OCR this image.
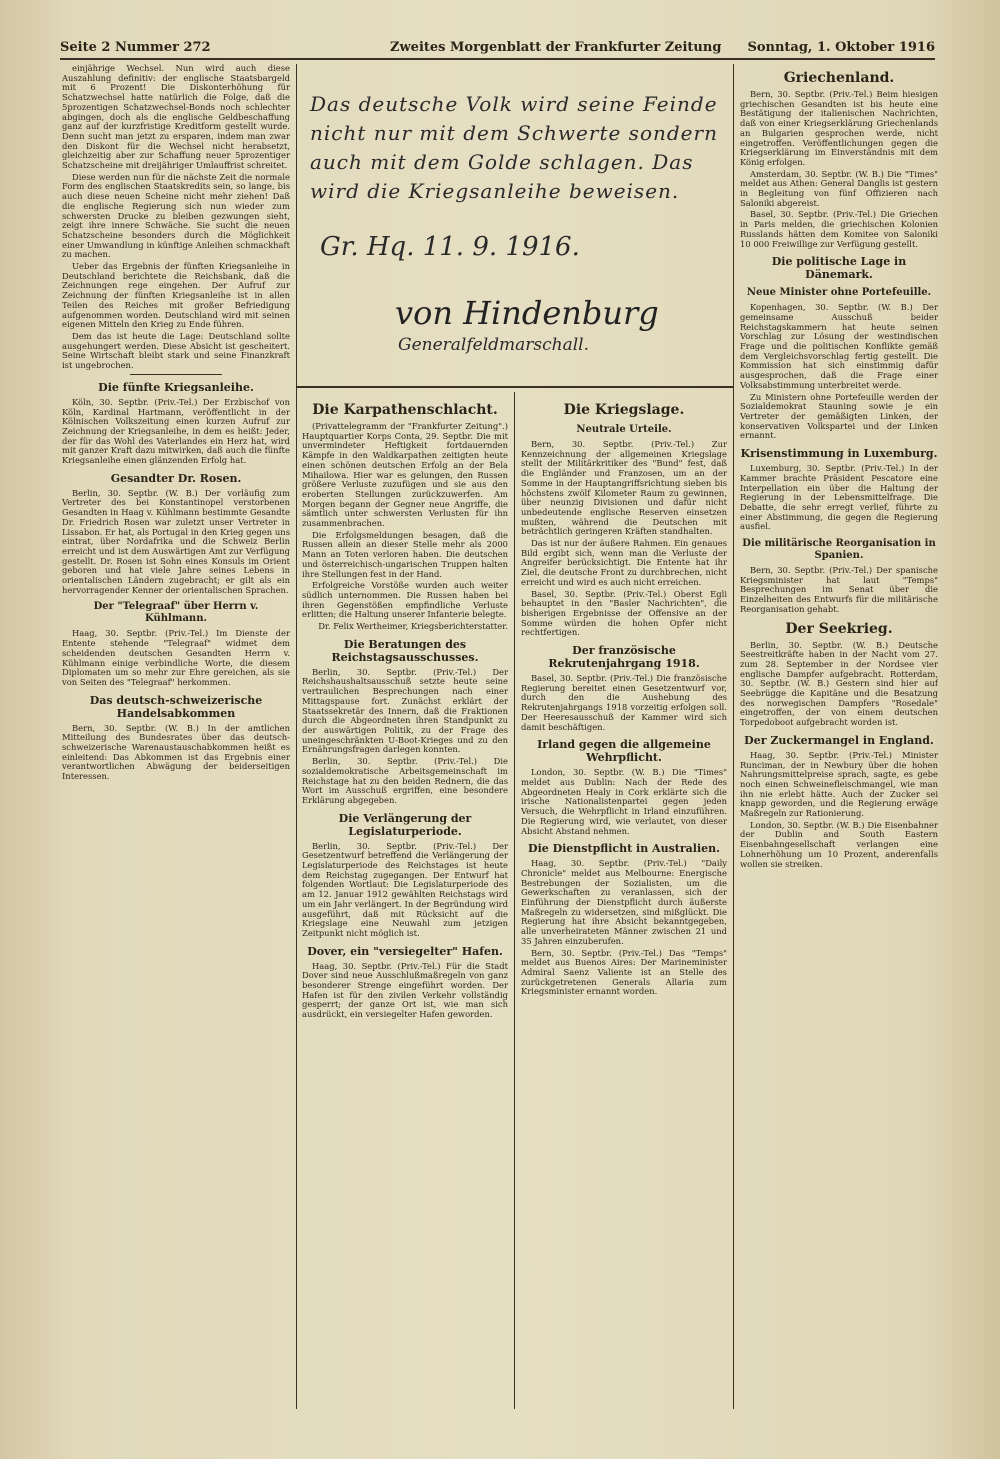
Seite 2 Nummer 272	Zweites Morgenblatt der Frankfurter Zeitung Sonntag, 1. Oktober 1916

einjährige Wechsel. Nun wird auch diese Auszahlung definitiv: der englische Staatsbargeld mit 6 Prozent! Die Diskonterhöhung für Schatzwechsel hatte natürlich die Folge, daß die 5prozentigen Schatzwechsel-Bonds noch schlechter abgingen, doch als die englische Geldbeschaffung ganz auf der kurzfristige Kreditform gestellt wurde. Denn sucht man jetzt zu ersparen, indem man zwar den Diskont für die Wechsel nicht herabsetzt, gleichzeitig aber zur Schaffung neuer 5prozentiger Schatzscheine mit dreijähriger Umlauffrist schreitet.

Diese werden nun für die nächste Zeit die normale Form des englischen Staatskredits sein, so lange, bis auch diese neuen Scheine nicht mehr ziehen! Daß die englische Regierung sich nun wieder zum schwersten Drucke zu bleiben gezwungen sieht, zeigt ihre innere Schwäche. Sie sucht die neuen Schatzscheine besonders durch die Möglichkeit einer Umwandlung in künftige Anleihen schmackhaft zu machen.

Ueber das Ergebnis der fünften Kriegsanleihe in Deutschland berichtete die Reichsbank, daß die Zeichnungen rege eingehen. Der Aufruf zur Zeichnung der fünften Kriegsanleihe ist in allen Teilen des Reiches mit großer Befriedigung aufgenommen worden. Deutschland wird mit seinen eigenen Mitteln den Krieg zu Ende führen.

Dem das ist heute die Lage: Deutschland sollte ausgehungert werden. Diese Absicht ist gescheitert. Seine Wirtschaft bleibt stark und seine Finanzkraft ist ungebrochen.

Die fünfte Kriegsanleihe.

Köln, 30. Septbr. (Priv.-Tel.) Der Erzbischof von Köln, Kardinal Hartmann, veröffentlicht in der Kölnischen Volkszeitung einen kurzen Aufruf zur Zeichnung der Kriegsanleihe, in dem es heißt: Jeder, der für das Wohl des Vaterlandes ein Herz hat, wird mit ganzer Kraft dazu mitwirken, daß auch die fünfte Kriegsanleihe einen glänzenden Erfolg hat.

Gesandter Dr. Rosen.

Berlin, 30. Septbr. (W. B.) Der vorläufig zum Vertreter des bei Konstantinopel verstorbenen Gesandten in Haag v. Kühlmann bestimmte Gesandte Dr. Friedrich Rosen war zuletzt unser Vertreter in Lissabon. Er hat, als Portugal in den Krieg gegen uns eintrat, über Nordafrika und die Schweiz Berlin erreicht und ist dem Auswärtigen Amt zur Verfügung gestellt. Dr. Rosen ist Sohn eines Konsuls im Orient geboren und hat viele Jahre seines Lebens in orientalischen Ländern zugebracht; er gilt als ein hervorragender Kenner der orientalischen Sprachen.

Der "Telegraaf" über Herrn v. Kühlmann.

Haag, 30. Septbr. (Priv.-Tel.) Im Dienste der Entente stehende "Telegraaf" widmet dem scheidenden deutschen Gesandten Herrn v. Kühlmann einige verbindliche Worte, die diesem Diplomaten um so mehr zur Ehre gereichen, als sie von Seiten des "Telegraaf" herkommen.

Das deutsch-schweizerische Handelsabkommen

Bern, 30. Septbr. (W. B.) In der amtlichen Mitteilung des Bundesrates über das deutsch-schweizerische Warenaustauschabkommen heißt es einleitend: Das Abkommen ist das Ergebnis einer verantwortlichen Abwägung der beiderseitigen Interessen.

Das deutsche Volk wird seine Feinde nicht nur mit dem Schwerte sondern auch mit dem Golde schlagen. Das wird die Kriegsanleihe beweisen.
Gr. Hq. 11. 9. 1916.
von Hindenburg
Generalfeldmarschall.
Die Karpathenschlacht.

(Privattelegramm der "Frankfurter Zeitung".) Hauptquartier Korps Conta, 29. Septbr. Die mit unvermindeter Heftigkeit fortdauernden Kämpfe in den Waldkarpathen zeitigten heute einen schönen deutschen Erfolg an der Bela Mihailowa. Hier war es gelungen, den Russen größere Verluste zuzufügen und sie aus den eroberten Stellungen zurückzuwerfen. Am Morgen begann der Gegner neue Angriffe, die sämtlich unter schwersten Verlusten für ihn zusammenbrachen.

Die Erfolgsmeldungen besagen, daß die Russen allein an dieser Stelle mehr als 2000 Mann an Toten verloren haben. Die deutschen und österreichisch-ungarischen Truppen halten ihre Stellungen fest in der Hand.

Erfolgreiche Vorstöße wurden auch weiter südlich unternommen. Die Russen haben bei ihren Gegenstößen empfindliche Verluste erlitten; die Haltung unserer Infanterie belegte.

Dr. Felix Wertheimer, Kriegsberichterstatter.

Die Beratungen des Reichstagsausschusses.

Berlin, 30. Septbr. (Priv.-Tel.) Der Reichshaushaltsausschuß setzte heute seine vertraulichen Besprechungen nach einer Mittagspause fort. Zunächst erklärt der Staatssekretär des Innern, daß die Fraktionen durch die Abgeordneten ihren Standpunkt zu der auswärtigen Politik, zu der Frage des uneingeschränkten U-Boot-Krieges und zu den Ernährungsfragen darlegen konnten.

Berlin, 30. Septbr. (Priv.-Tel.) Die sozialdemokratische Arbeitsgemeinschaft im Reichstage hat zu den beiden Rednern, die das Wort im Ausschuß ergriffen, eine besondere Erklärung abgegeben.

Die Verlängerung der Legislaturperiode.

Berlin, 30. Septbr. (Priv.-Tel.) Der Gesetzentwurf betreffend die Verlängerung der Legislaturperiode des Reichstages ist heute dem Reichstag zugegangen. Der Entwurf hat folgenden Wortlaut: Die Legislaturperiode des am 12. Januar 1912 gewählten Reichstags wird um ein Jahr verlängert. In der Begründung wird ausgeführt, daß mit Rücksicht auf die Kriegslage eine Neuwahl zum jetzigen Zeitpunkt nicht möglich ist.

Dover, ein "versiegelter" Hafen.

Haag, 30. Septbr. (Priv.-Tel.) Für die Stadt Dover sind neue Ausschlußmaßregeln von ganz besonderer Strenge eingeführt worden. Der Hafen ist für den zivilen Verkehr vollständig gesperrt; der ganze Ort ist, wie man sich ausdrückt, ein versiegelter Hafen geworden.

Die Kriegslage.
Neutrale Urteile.

Bern, 30. Septbr. (Priv.-Tel.) Zur Kennzeichnung der allgemeinen Kriegslage stellt der Militärkritiker des "Bund" fest, daß die Engländer und Franzosen, um an der Somme in der Hauptangriffsrichtung sieben bis höchstens zwölf Kilometer Raum zu gewinnen, über neunzig Divisionen und dafür nicht unbedeutende englische Reserven einsetzen mußten, während die Deutschen mit beträchtlich geringeren Kräften standhalten.

Das ist nur der äußere Rahmen. Ein genaues Bild ergibt sich, wenn man die Verluste der Angreifer berücksichtigt. Die Entente hat ihr Ziel, die deutsche Front zu durchbrechen, nicht erreicht und wird es auch nicht erreichen.

Basel, 30. Septbr. (Priv.-Tel.) Oberst Egli behauptet in den "Basler Nachrichten", die bisherigen Ergebnisse der Offensive an der Somme würden die hohen Opfer nicht rechtfertigen.

Der französische Rekrutenjahrgang 1918.

Basel, 30. Septbr. (Priv.-Tel.) Die französische Regierung bereitet einen Gesetzentwurf vor, durch den die Aushebung des Rekrutenjahrgangs 1918 vorzeitig erfolgen soll. Der Heeresausschuß der Kammer wird sich damit beschäftigen.

Irland gegen die allgemeine Wehrpflicht.

London, 30. Septbr. (W. B.) Die "Times" meldet aus Dublin: Nach der Rede des Abgeordneten Healy in Cork erklärte sich die irische Nationalistenpartei gegen jeden Versuch, die Wehrpflicht in Irland einzuführen. Die Regierung wird, wie verlautet, von dieser Absicht Abstand nehmen.

Die Dienstpflicht in Australien.

Haag, 30. Septbr. (Priv.-Tel.) "Daily Chronicle" meldet aus Melbourne: Energische Bestrebungen der Sozialisten, um die Gewerkschaften zu veranlassen, sich der Einführung der Dienstpflicht durch äußerste Maßregeln zu widersetzen, sind mißglückt. Die Regierung hat ihre Absicht bekanntgegeben, alle unverheirateten Männer zwischen 21 und 35 Jahren einzuberufen.

Bern, 30. Septbr. (Priv.-Tel.) Das "Temps" meldet aus Buenos Aires: Der Marineminister Admiral Saenz Valiente ist an Stelle des zurückgetretenen Generals Allaria zum Kriegsminister ernannt worden.

Griechenland.

Bern, 30. Septbr. (Priv.-Tel.) Beim hiesigen griechischen Gesandten ist bis heute eine Bestätigung der italienischen Nachrichten, daß von einer Kriegserklärung Griechenlands an Bulgarien gesprochen werde, nicht eingetroffen. Veröffentlichungen gegen die Kriegserklärung im Einverständnis mit dem König erfolgen.

Amsterdam, 30. Septbr. (W. B.) Die "Times" meldet aus Athen: General Danglis ist gestern in Begleitung von fünf Offizieren nach Saloniki abgereist.

Basel, 30. Septbr. (Priv.-Tel.) Die Griechen in Paris melden, die griechischen Kolonien Russlands hätten dem Komitee von Saloniki 10 000 Freiwillige zur Verfügung gestellt.

Die politische Lage in Dänemark.
Neue Minister ohne Portefeuille.

Kopenhagen, 30. Septbr. (W. B.) Der gemeinsame Ausschuß beider Reichstagskammern hat heute seinen Vorschlag zur Lösung der westindischen Frage und die politischen Konflikte gemäß dem Vergleichsvorschlag fertig gestellt. Die Kommission hat sich einstimmig dafür ausgesprochen, daß die Frage einer Volksabstimmung unterbreitet werde.

Zu Ministern ohne Portefeuille werden der Sozialdemokrat Stauning sowie je ein Vertreter der gemäßigten Linken, der konservativen Volkspartei und der Linken ernannt.

Krisenstimmung in Luxemburg.

Luxemburg, 30. Septbr. (Priv.-Tel.) In der Kammer brachte Präsident Pescatore eine Interpellation ein über die Haltung der Regierung in der Lebensmittelfrage. Die Debatte, die sehr erregt verlief, führte zu einer Abstimmung, die gegen die Regierung ausfiel.

Die militärische Reorganisation in Spanien.

Bern, 30. Septbr. (Priv.-Tel.) Der spanische Kriegsminister hat laut "Temps" Besprechungen im Senat über die Einzelheiten des Entwurfs für die militärische Reorganisation gehabt.

Der Seekrieg.

Berlin, 30. Septbr. (W. B.) Deutsche Seestreitkräfte haben in der Nacht vom 27. zum 28. September in der Nordsee vier englische Dampfer aufgebracht. Rotterdam, 30. Septbr. (W. B.) Gestern sind hier auf Seebrügge die Kapitäne und die Besatzung des norwegischen Dampfers "Rosedale" eingetroffen, der von einem deutschen Torpedoboot aufgebracht worden ist.

Der Zuckermangel in England.

Haag, 30. Septbr. (Priv.-Tel.) Minister Runciman, der in Newbury über die hohen Nahrungsmittelpreise sprach, sagte, es gebe noch einen Schweinefleischmangel, wie man ihn nie erlebt hätte. Auch der Zucker sei knapp geworden, und die Regierung erwäge Maßregeln zur Rationierung.

London, 30. Septbr. (W. B.) Die Eisenbahner der Dublin and South Eastern Eisenbahngesellschaft verlangen eine Lohnerhöhung um 10 Prozent, anderenfalls wollen sie streiken.
